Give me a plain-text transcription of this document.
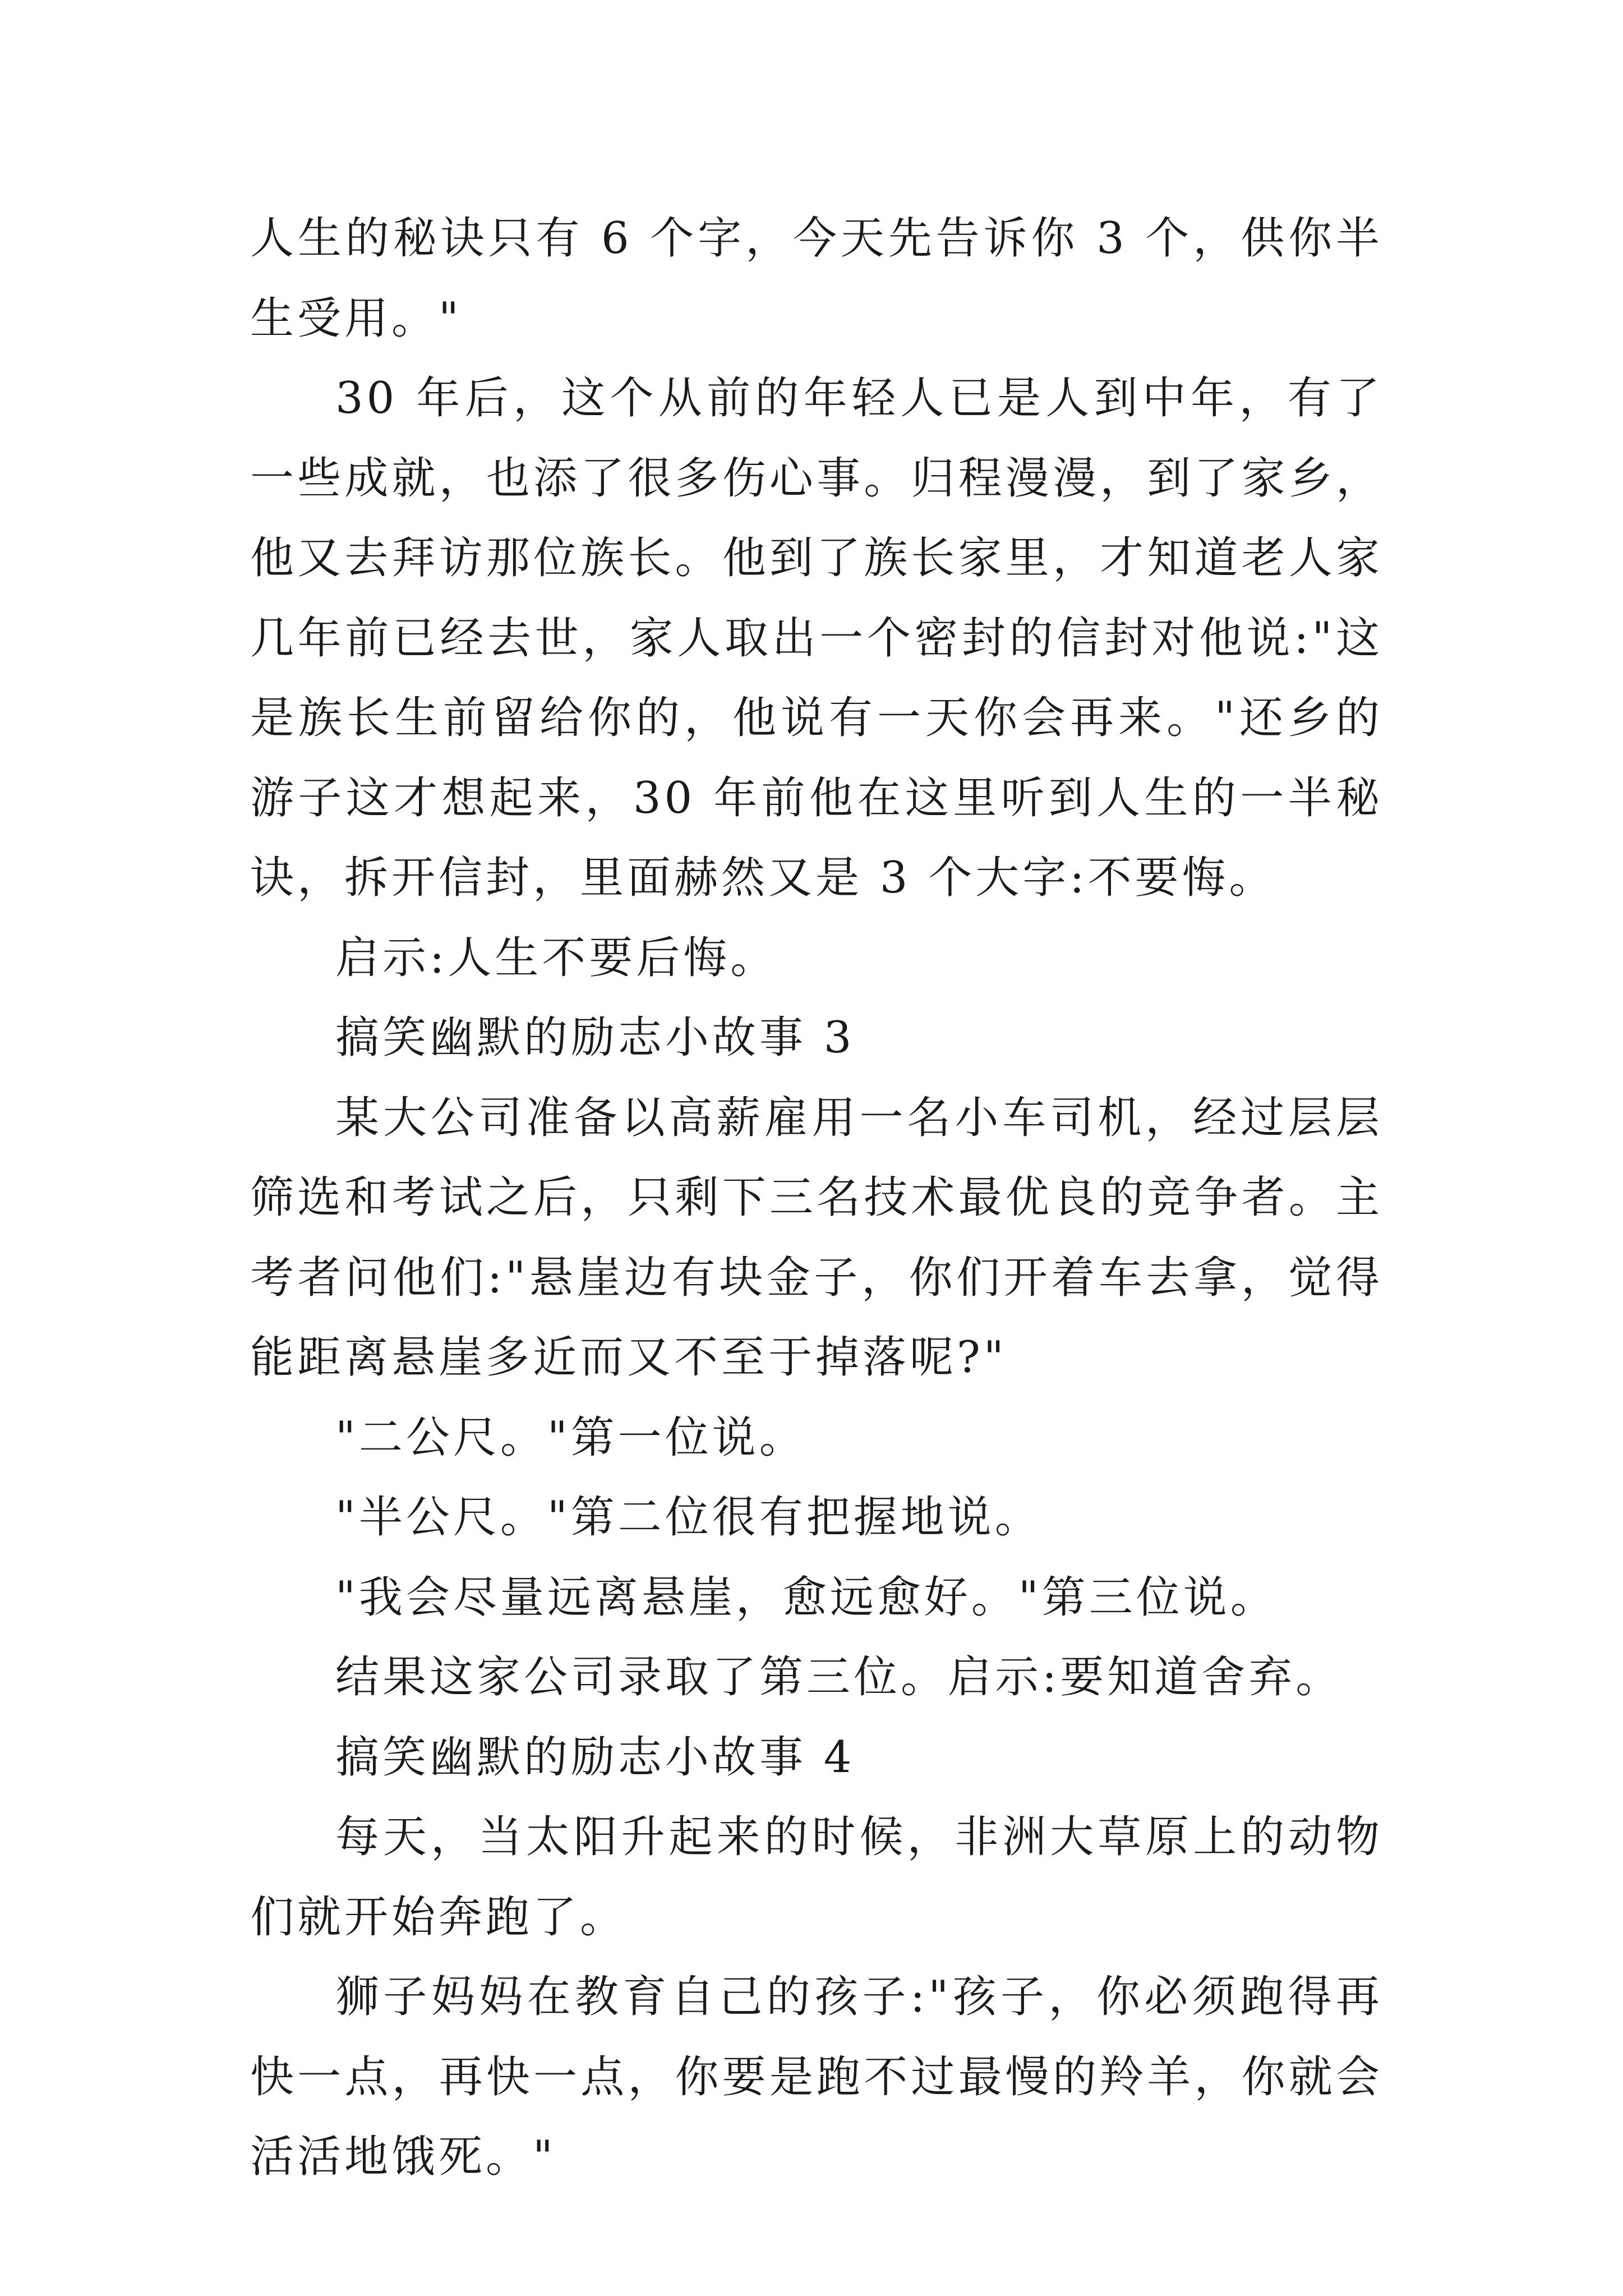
人生的秘诀只有 6 个字，今天先告诉你 3 个，供你半生受用。"

30 年后，这个从前的年轻人已是人到中年，有了一些成就，也添了很多伤心事。归程漫漫，到了家乡，他又去拜访那位族长。他到了族长家里，才知道老人家几年前已经去世，家人取出一个密封的信封对他说:"这是族长生前留给你的，他说有一天你会再来。"还乡的游子这才想起来，30 年前他在这里听到人生的一半秘诀，拆开信封，里面赫然又是 3 个大字:不要悔。

启示:人生不要后悔。

搞笑幽默的励志小故事 3

某大公司准备以高薪雇用一名小车司机，经过层层筛选和考试之后，只剩下三名技术最优良的竞争者。主考者问他们:"悬崖边有块金子，你们开着车去拿，觉得能距离悬崖多近而又不至于掉落呢?"

"二公尺。"第一位说。

"半公尺。"第二位很有把握地说。

"我会尽量远离悬崖，愈远愈好。"第三位说。

结果这家公司录取了第三位。启示:要知道舍弃。

搞笑幽默的励志小故事 4

每天，当太阳升起来的时候，非洲大草原上的动物们就开始奔跑了。

狮子妈妈在教育自己的孩子:"孩子，你必须跑得再快一点，再快一点，你要是跑不过最慢的羚羊，你就会活活地饿死。"
